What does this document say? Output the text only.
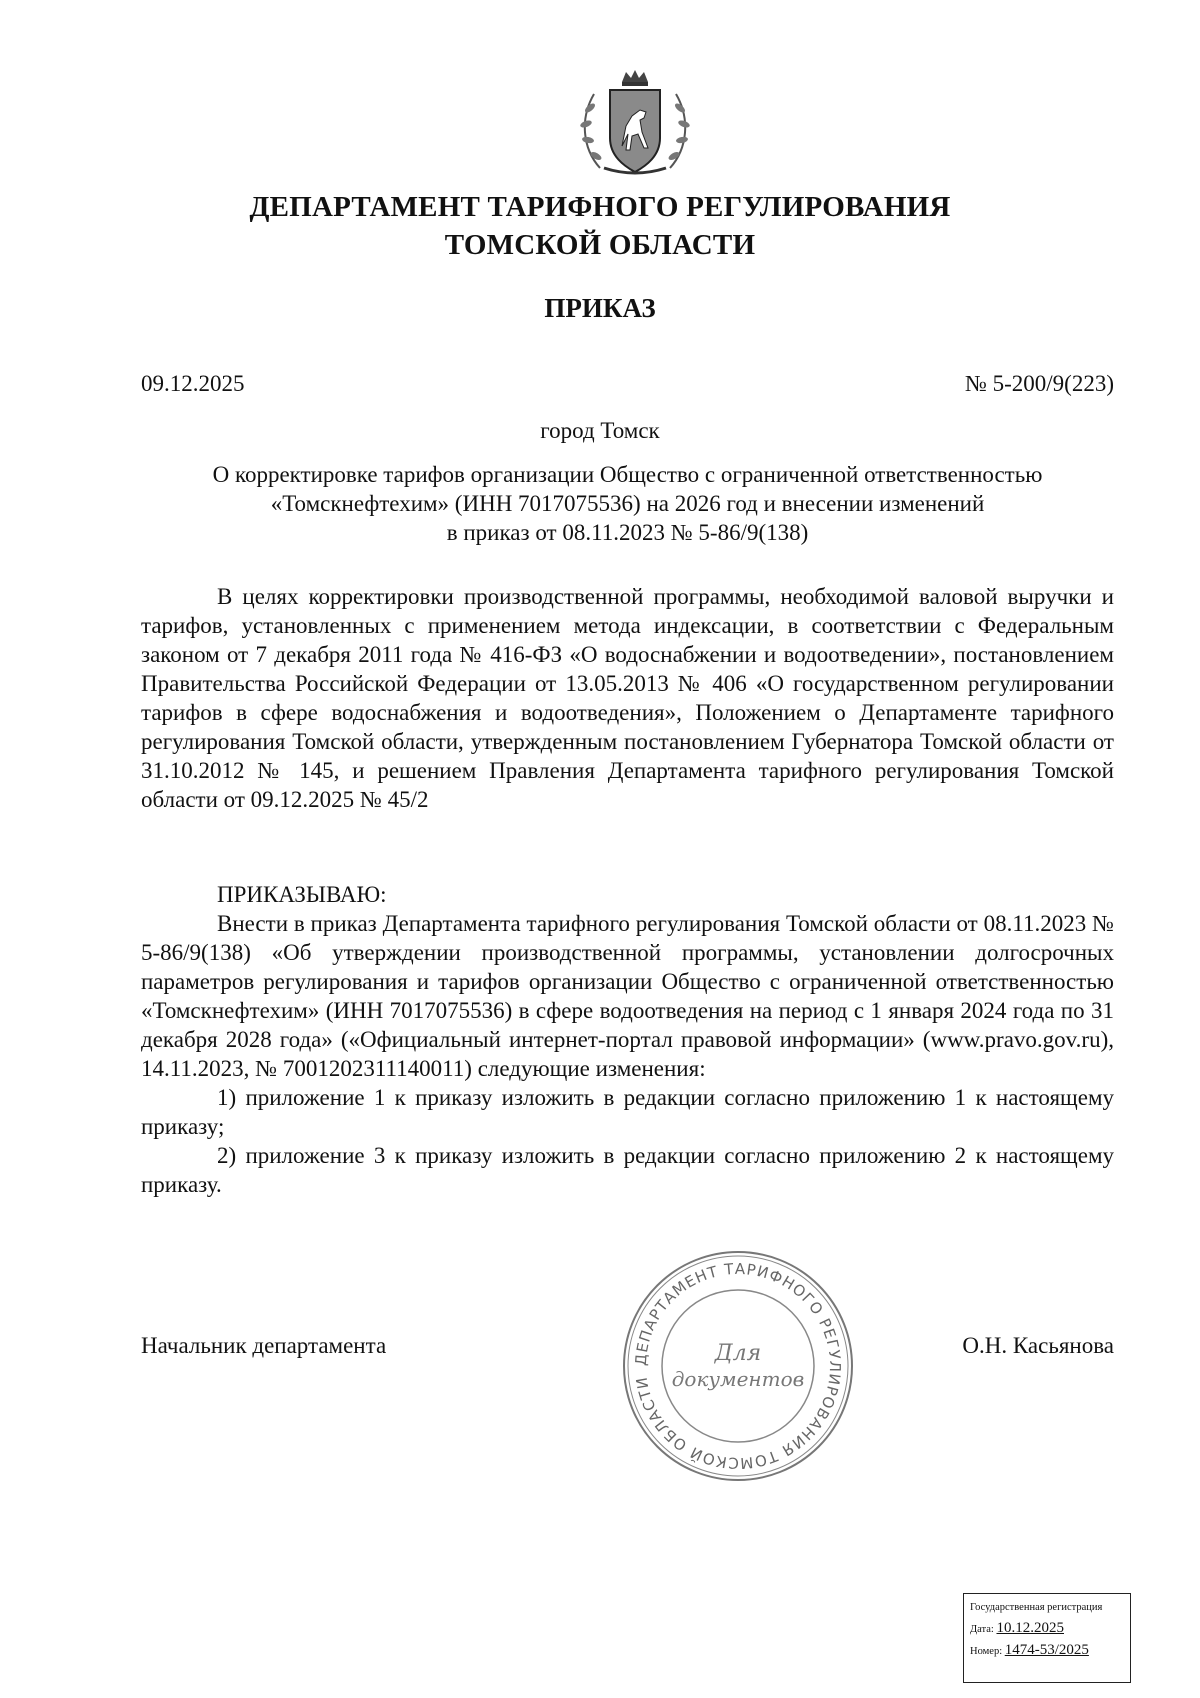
ДЕПАРТАМЕНТ ТАРИФНОГО РЕГУЛИРОВАНИЯ
ТОМСКОЙ ОБЛАСТИ
ПРИКАЗ
09.12.2025	№ 5-200/9(223)
город Томск
О корректировке тарифов организации Общество с ограниченной ответственностью
«Томскнефтехим» (ИНН 7017075536) на 2026 год и внесении изменений
в приказ от 08.11.2023 № 5-86/9(138)

В целях корректировки производственной программы, необходимой валовой выручки и тарифов, установленных с применением метода индексации, в соответствии с Федеральным законом от 7 декабря 2011 года № 416-ФЗ «О водоснабжении и водоотведении», постановлением Правительства Российской Федерации от 13.05.2013 № 406 «О государственном регулировании тарифов в сфере водоснабжения и водоотведения», Положением о Департаменте тарифного регулирования Томской области, утвержденным постановлением Губернатора Томской области от 31.10.2012 № 145, и решением Правления Департамента тарифного регулирования Томской области от 09.12.2025 № 45/2

ПРИКАЗЫВАЮ:

Внести в приказ Департамента тарифного регулирования Томской области от 08.11.2023 № 5-86/9(138) «Об утверждении производственной программы, установлении долгосрочных параметров регулирования и тарифов организации Общество с ограниченной ответственностью «Томскнефтехим» (ИНН 7017075536) в сфере водоотведения на период с 1 января 2024 года по 31 декабря 2028 года» («Официальный интернет-портал правовой информации» (www.pravo.gov.ru), 14.11.2023, № 7001202311140011) следующие изменения:

1) приложение 1 к приказу изложить в редакции согласно приложению 1 к настоящему приказу;

2) приложение 3 к приказу изложить в редакции согласно приложению 2 к настоящему приказу.

Начальник департамента	О.Н. Касьянова
ДЕПАРТАМЕНТ ТАРИФНОГО РЕГУЛИРОВАНИЯ ТОМСКОЙ ОБЛАСТИ
Для
документов
Государственная регистрация
Дата: 10.12.2025
Номер: 1474-53/2025
